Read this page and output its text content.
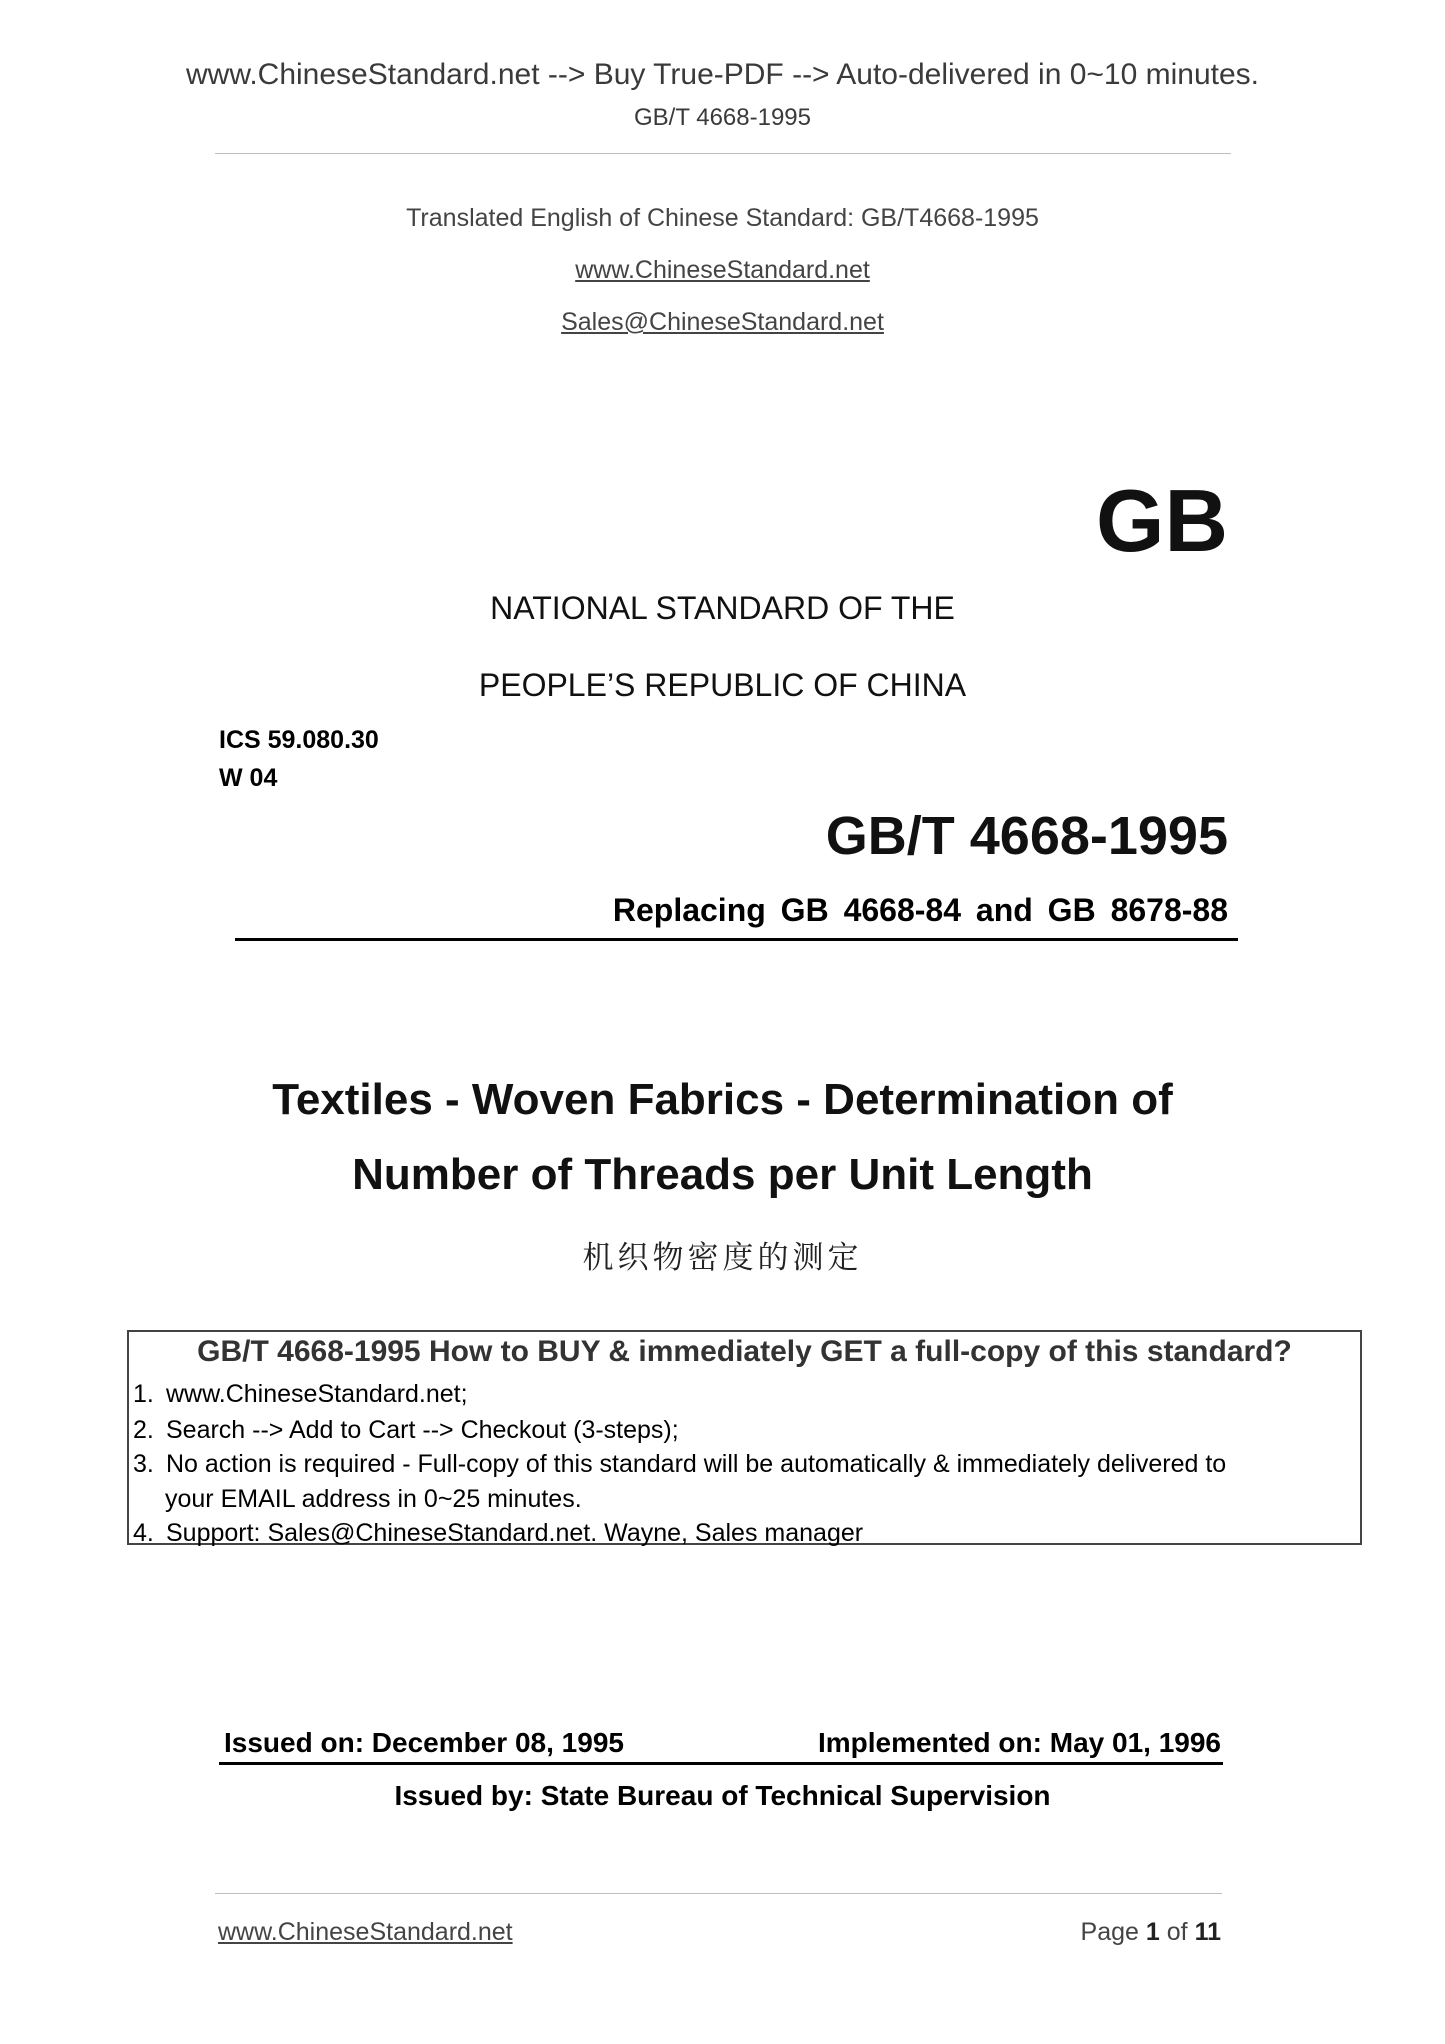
www.ChineseStandard.net --> Buy True-PDF --> Auto-delivered in 0~10 minutes.
GB/T 4668-1995
Translated English of Chinese Standard: GB/T4668-1995
www.ChineseStandard.net
Sales@ChineseStandard.net
GB
NATIONAL STANDARD OF THE
PEOPLE’S REPUBLIC OF CHINA
ICS 59.080.30
W 04
GB/T 4668-1995
Replacing GB 4668-84 and GB 8678-88
Textiles - Woven Fabrics - Determination of
Number of Threads per Unit Length
机织物密度的测定
GB/T 4668-1995 How to BUY & immediately GET a full-copy of this standard?
1. www.ChineseStandard.net;
2. Search --> Add to Cart --> Checkout (3-steps);
3. No action is required - Full-copy of this standard will be automatically & immediately delivered to
your EMAIL address in 0~25 minutes.
4. Support: Sales@ChineseStandard.net. Wayne, Sales manager
Issued on: December 08, 1995	Implemented on: May 01, 1996
Issued by: State Bureau of Technical Supervision
www.ChineseStandard.net	Page 1 of 11
